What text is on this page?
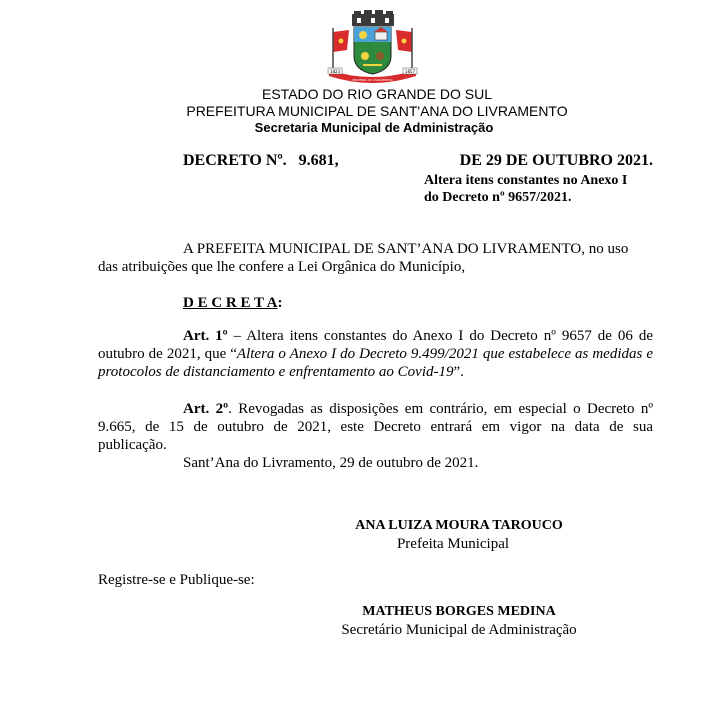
1823	1857
PRIMEIRA AO LIVRAMENTO
ESTADO DO RIO GRANDE DO SUL
PREFEITURA MUNICIPAL DE SANT'ANA DO LIVRAMENTO
Secretaria Municipal de Administração
DECRETO Nº.   9.681,	DE 29 DE OUTUBRO 2021.
Altera itens constantes no Anexo I
do Decreto nº 9657/2021.
A PREFEITA MUNICIPAL DE SANT’ANA DO LIVRAMENTO, no uso
das atribuições que lhe confere a Lei Orgânica do Município,
D E C R E T A:
Art. 1º – Altera itens constantes do Anexo I do Decreto nº 9657 de 06 de
outubro de 2021, que “Altera o Anexo I do Decreto 9.499/2021 que estabelece as medidas e
protocolos de distanciamento e enfrentamento ao Covid-19”.
Art. 2º. Revogadas as disposições em contrário, em especial o Decreto nº
9.665, de 15 de outubro de 2021, este Decreto entrará em vigor na data de sua
publicação.
Sant’Ana do Livramento, 29 de outubro de 2021.
ANA LUIZA MOURA TAROUCO
Prefeita Municipal
Registre-se e Publique-se:
MATHEUS BORGES MEDINA
Secretário Municipal de Administração
